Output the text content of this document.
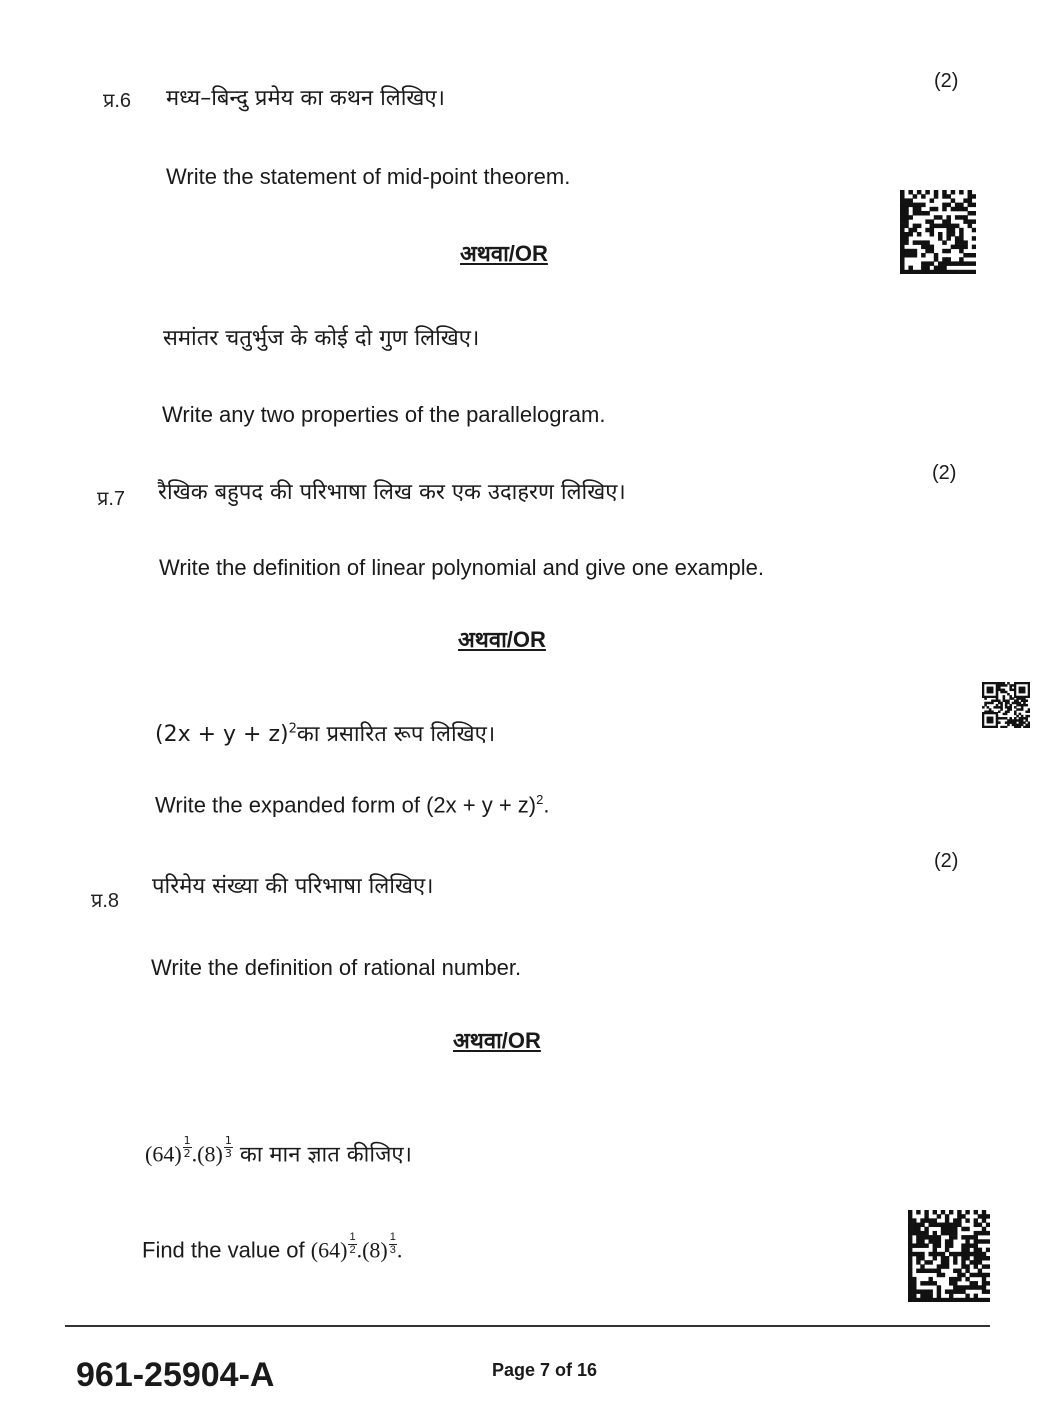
प्र.6 मध्य–बिन्दु प्रमेय का कथन लिखिए।
(2)
Write the statement of mid-point theorem.
अथवा/OR
समांतर चतुर्भुज के कोई दो गुण लिखिए।
Write any two properties of the parallelogram.
प्र.7 रैखिक बहुपद की परिभाषा लिख कर एक उदाहरण लिखिए।
(2)
Write the definition of linear polynomial and give one example.
अथवा/OR
$(2x + y + z)^2का$ प्रसारित रूप लिखिए।
Write the expanded form of $(2x + y + z)^2$.
(2)
प्र.8
परिमेय संख्या की परिभाषा लिखिए।
Write the definition of rational number.
अथवा/OR
$(64) \frac{1}{2} .(8) \frac{1}{3}$ का मान ज्ञात कीजिए।
Find the value of $(64) \frac{1}{2} .(8) \frac{1}{3}$ .
961-25904-A	Page 7 of 16
